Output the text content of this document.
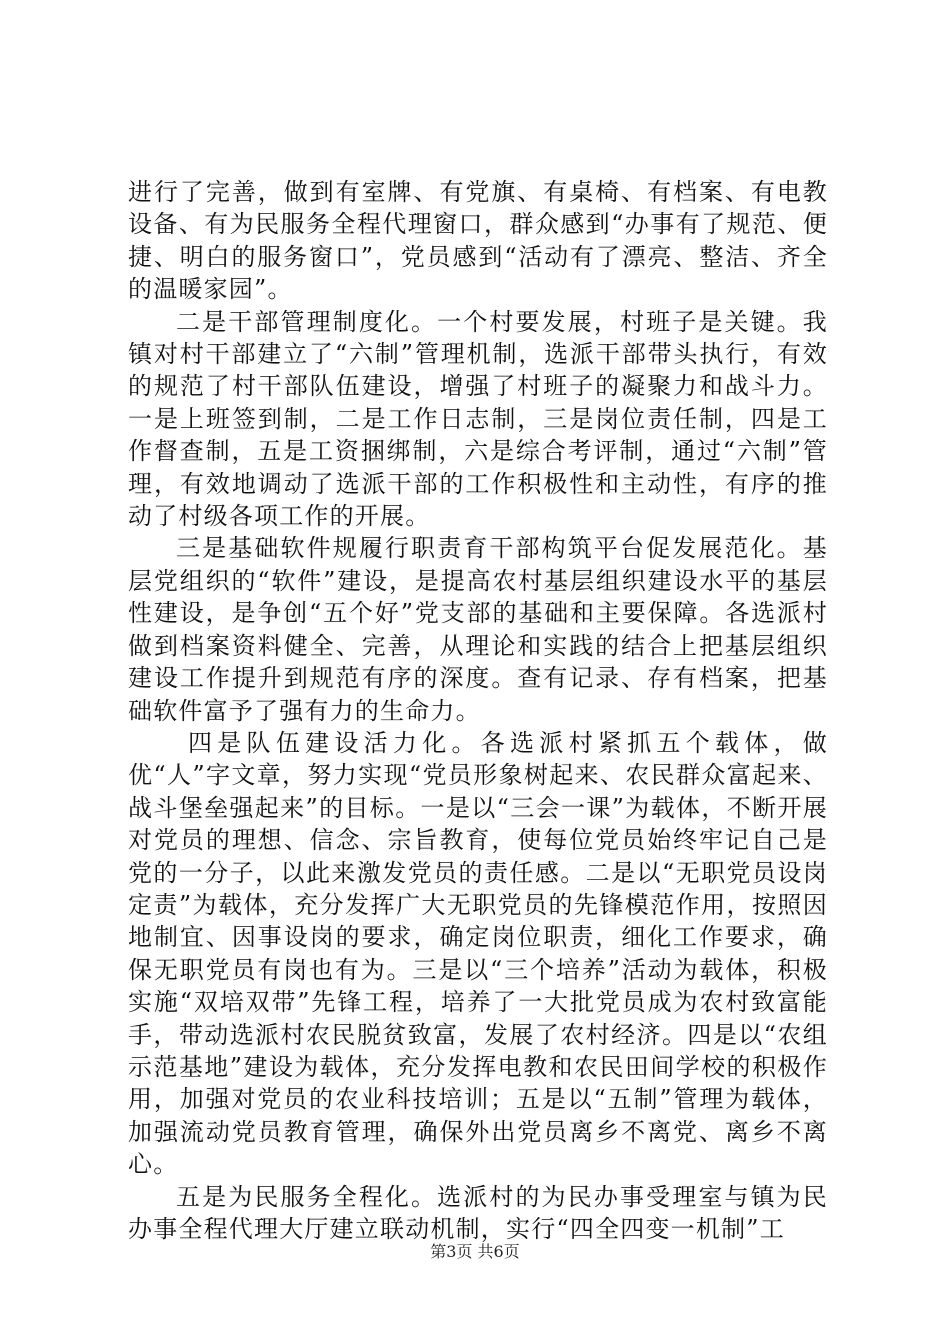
进行了完善，做到有室牌、有党旗、有桌椅、有档案、有电教设备、有为民服务全程代理窗口，群众感到“办事有了规范、便捷、明白的服务窗口”，党员感到“活动有了漂亮、整洁、齐全的温暖家园”。

二是干部管理制度化。一个村要发展，村班子是关键。我镇对村干部建立了“六制”管理机制，选派干部带头执行，有效的规范了村干部队伍建设，增强了村班子的凝聚力和战斗力。一是上班签到制，二是工作日志制，三是岗位责任制，四是工作督查制，五是工资捆绑制，六是综合考评制，通过“六制”管理，有效地调动了选派干部的工作积极性和主动性，有序的推动了村级各项工作的开展。

三是基础软件规履行职责育干部构筑平台促发展范化。基层党组织的“软件”建设，是提高农村基层组织建设水平的基层性建设，是争创“五个好”党支部的基础和主要保障。各选派村做到档案资料健全、完善，从理论和实践的结合上把基层组织建设工作提升到规范有序的深度。查有记录、存有档案，把基础软件富予了强有力的生命力。

四是队伍建设活力化。各选派村紧抓五个载体，做优“人”字文章，努力实现“党员形象树起来、农民群众富起来、战斗堡垒强起来”的目标。一是以“三会一课”为载体，不断开展对党员的理想、信念、宗旨教育，使每位党员始终牢记自己是党的一分子，以此来激发党员的责任感。二是以“无职党员设岗定责”为载体，充分发挥广大无职党员的先锋模范作用，按照因地制宜、因事设岗的要求，确定岗位职责，细化工作要求，确保无职党员有岗也有为。三是以“三个培养”活动为载体，积极实施“双培双带”先锋工程，培养了一大批党员成为农村致富能手，带动选派村农民脱贫致富，发展了农村经济。四是以“农组示范基地”建设为载体，充分发挥电教和农民田间学校的积极作用，加强对党员的农业科技培训；五是以“五制”管理为载体，加强流动党员教育管理，确保外出党员离乡不离党、离乡不离心。

五是为民服务全程化。选派村的为民办事受理室与镇为民办事全程代理大厅建立联动机制，实行“四全四变一机制”工

第3页 共6页
